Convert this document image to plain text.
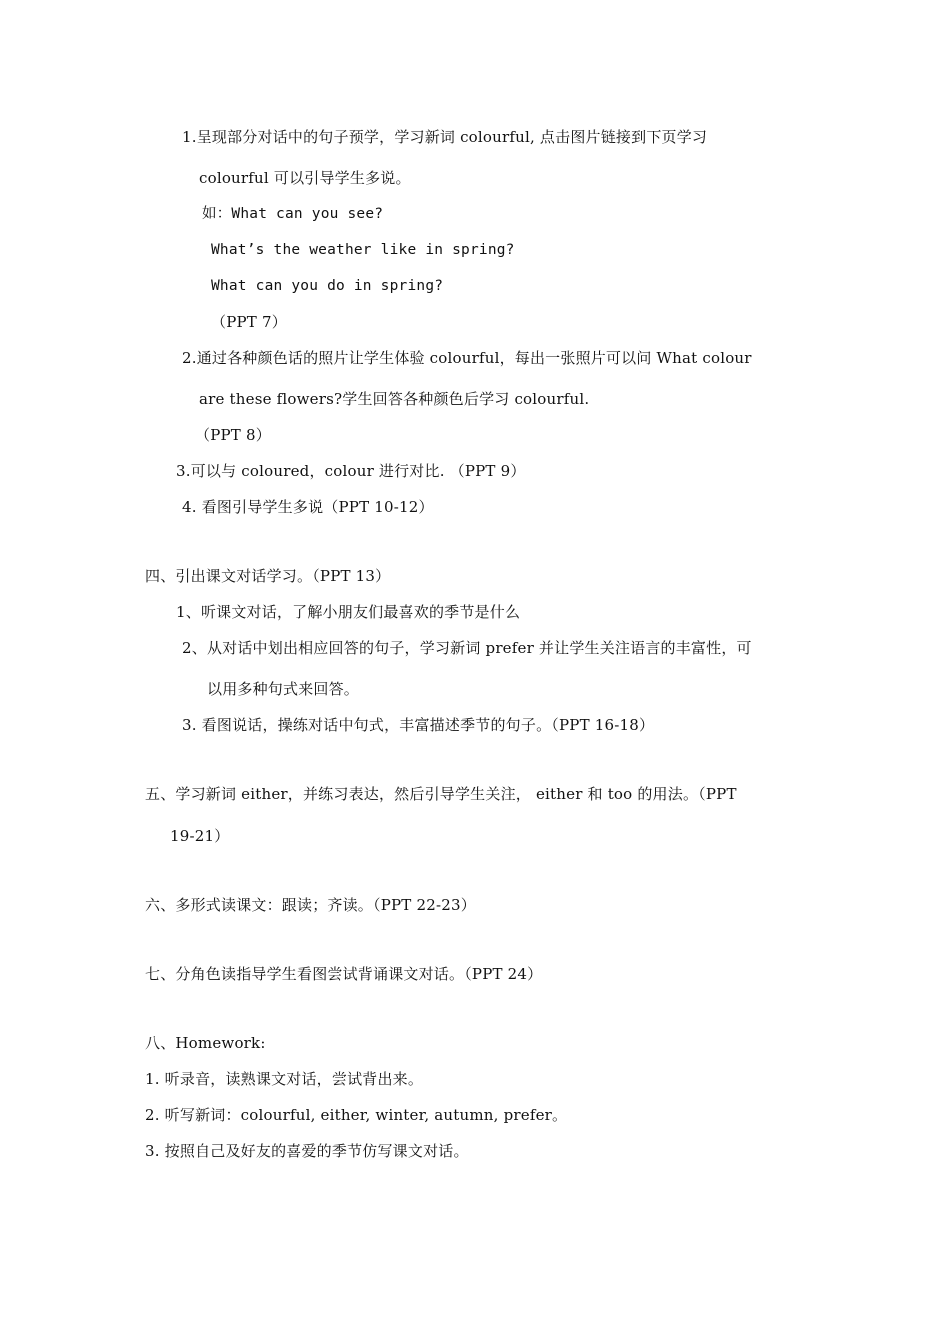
1.呈现部分对话中的句子预学，学习新词 colourful, 点击图片链接到下页学习
colourful 可以引导学生多说。
如：What can you see?
What’s the weather like in spring?
What can you do in spring?
（PPT 7）
2.通过各种颜色话的照片让学生体验 colourful，每出一张照片可以问 What colour
are these flowers?学生回答各种颜色后学习 colourful.
（PPT 8）
3.可以与 coloured，colour 进行对比. （PPT 9）
4. 看图引导学生多说（PPT 10-12）
四、引出课文对话学习。（PPT 13）
1、听课文对话，了解小朋友们最喜欢的季节是什么
2、从对话中划出相应回答的句子，学习新词 prefer 并让学生关注语言的丰富性，可
以用多种句式来回答。
3. 看图说话，操练对话中句式，丰富描述季节的句子。（PPT 16-18）
五、学习新词 either，并练习表达，然后引导学生关注， either 和 too 的用法。（PPT
19-21）
六、多形式读课文：跟读；齐读。（PPT 22-23）
七、分角色读指导学生看图尝试背诵课文对话。（PPT 24）
八、Homework:
1. 听录音，读熟课文对话，尝试背出来。
2. 听写新词：colourful, either, winter, autumn, prefer。
3. 按照自己及好友的喜爱的季节仿写课文对话。
